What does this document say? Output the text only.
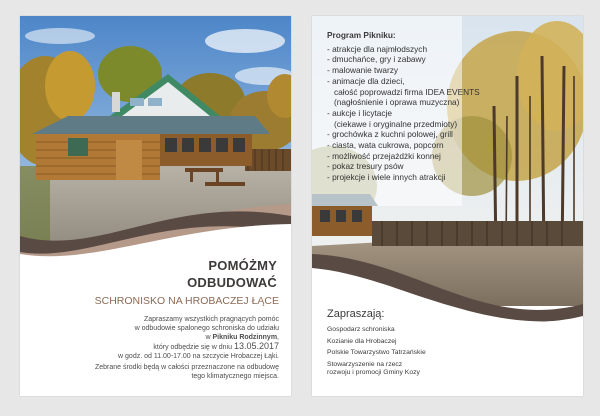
POMÓŻMY
ODBUDOWAĆ
SCHRONISKO NA HROBACZEJ ŁĄCE
Zapraszamy wszystkich pragnących pomóc
w odbudowie spalonego schroniska do udziału
w Pikniku Rodzinnym,
który odbędzie się w dniu 13.05.2017
w godz. od 11.00-17.00 na szczycie Hrobaczej Łąki.
Zebrane środki będą w całości przeznaczone na odbudowę
tego klimatycznego miejsca.
Program Pikniku:
- atrakcje dla najmłodszych
- dmuchańce, gry i zabawy
- malowanie twarzy
- animacje dla dzieci,
całość poprowadzi firma IDEA EVENTS
(nagłośnienie i oprawa muzyczna)
- aukcje i licytacje
(ciekawe i oryginalne przedmioty)
- grochówka z kuchni polowej, grill
- ciasta, wata cukrowa, popcorn
- możliwość przejażdżki konnej
- pokaz tresury psów
- projekcje i wiele innych atrakcji
Zapraszają:
Gospodarz schroniska
Kozianie dla Hrobaczej
Polskie Towarzystwo Tatrzańskie
Stowarzyszenie na rzecz
rozwoju i promocji Gminy Kozy
